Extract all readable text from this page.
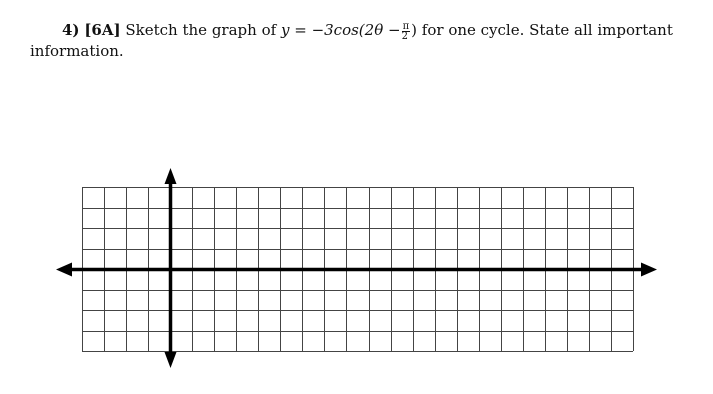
4) [6A] Sketch the graph of $y = -3\cos(2\theta - \frac{\pi}{2}$ ) for one cycle. State all important
information.
